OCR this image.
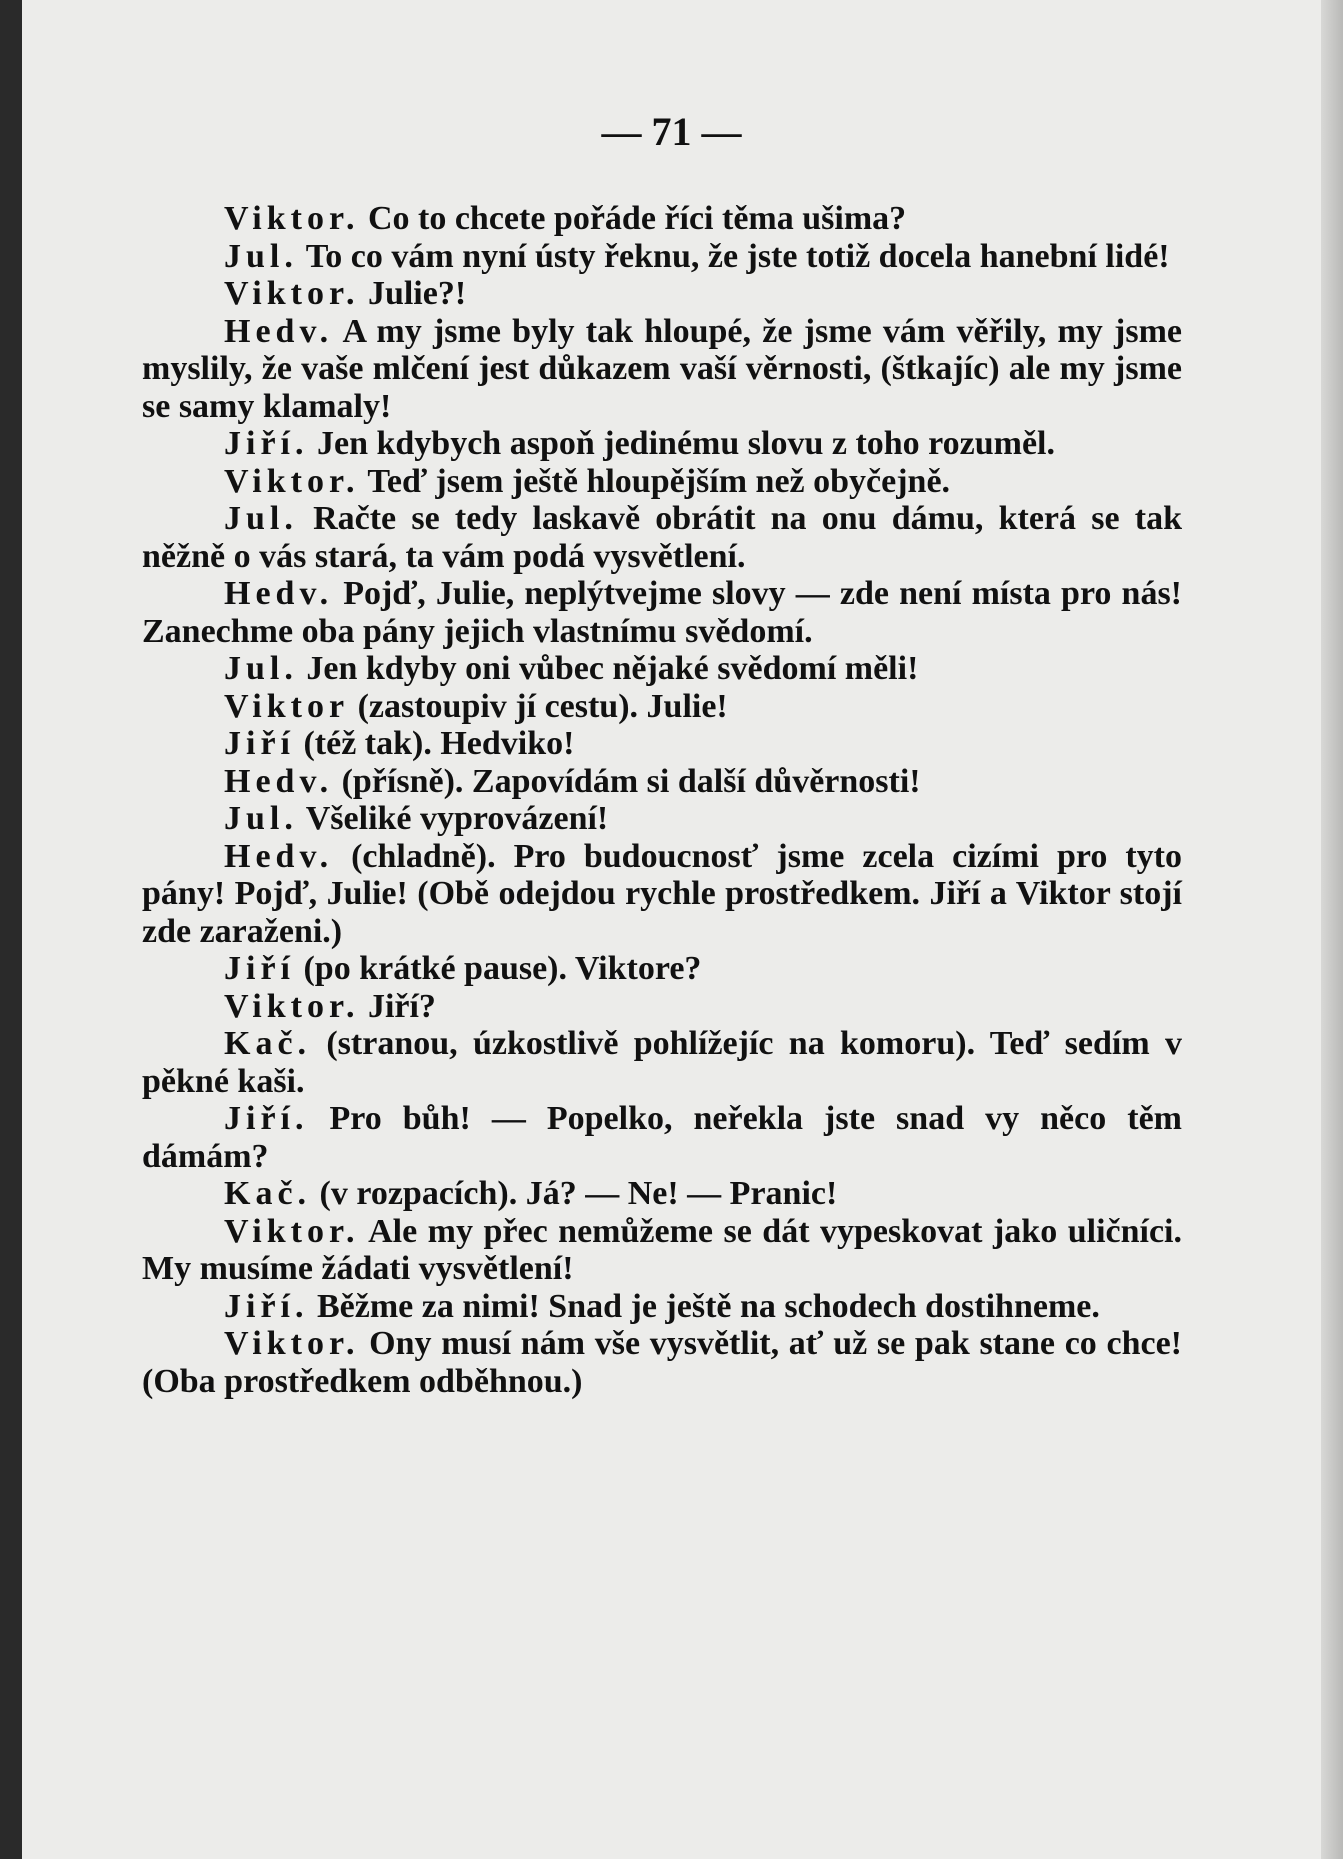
— 71 —

Viktor. Co to chcete pořáde říci těma ušima?

Jul. To co vám nyní ústy řeknu, že jste totiž docela hanební lidé!

Viktor. Julie?!

Hedv. A my jsme byly tak hloupé, že jsme vám věřily, my jsme myslily, že vaše mlčení jest důkazem vaší věrnosti, (štkajíc) ale my jsme se samy klamaly!

Jiří. Jen kdybych aspoň jedinému slovu z toho rozuměl.

Viktor. Teď jsem ještě hloupějším než obyčejně.

Jul. Račte se tedy laskavě obrátit na onu dámu, která se tak něžně o vás stará, ta vám podá vysvětlení.

Hedv. Pojď, Julie, neplýtvejme slovy — zde není místa pro nás! Zanechme oba pány jejich vlastnímu svědomí.

Jul. Jen kdyby oni vůbec nějaké svědomí měli!

Viktor (zastoupiv jí cestu). Julie!

Jiří (též tak). Hedviko!

Hedv. (přísně). Zapovídám si další důvěrnosti!

Jul. Všeliké vyprovázení!

Hedv. (chladně). Pro budoucnosť jsme zcela cizími pro tyto pány! Pojď, Julie! (Obě odejdou rychle prostředkem. Jiří a Viktor stojí zde zaraženi.)

Jiří (po krátké pause). Viktore?

Viktor. Jiří?

Kač. (stranou, úzkostlivě pohlížejíc na komoru). Teď sedím v pěkné kaši.

Jiří. Pro bůh! — Popelko, neřekla jste snad vy něco těm dámám?

Kač. (v rozpacích). Já? — Ne! — Pranic!

Viktor. Ale my přec nemůžeme se dát vypeskovat jako uličníci. My musíme žádati vysvětlení!

Jiří. Běžme za nimi! Snad je ještě na schodech dostihneme.

Viktor. Ony musí nám vše vysvětlit, ať už se pak stane co chce! (Oba prostředkem odběhnou.)
